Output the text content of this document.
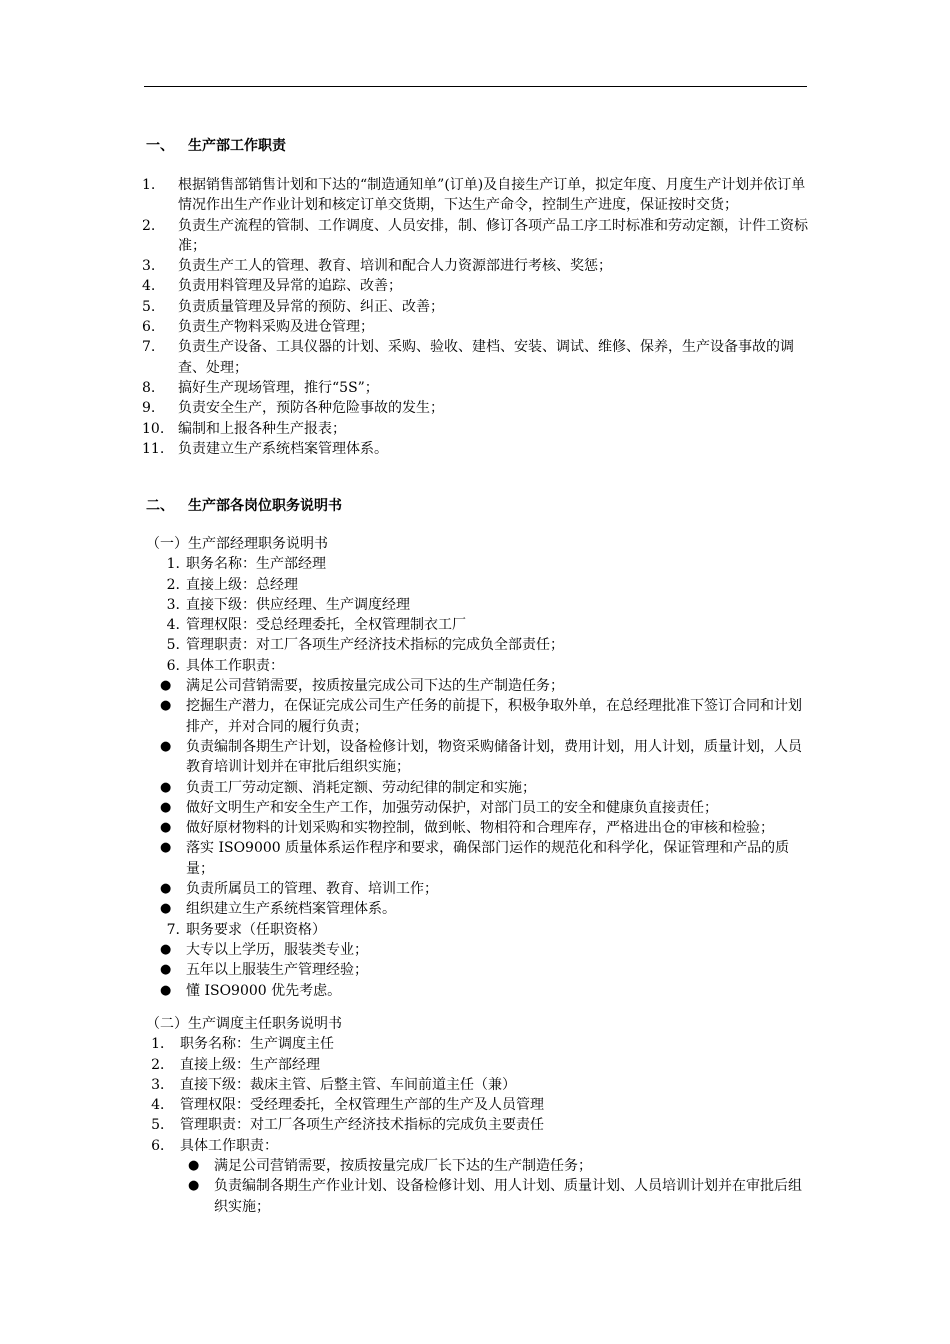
一、 生产部工作职责
1.	根据销售部销售计划和下达的“制造通知单”(订单)及自接生产订单，拟定年度、月度生产计划并依订单情况作出生产作业计划和核定订单交货期，下达生产命令，控制生产进度，保证按时交货；
2.	负责生产流程的管制、工作调度、人员安排，制、修订各项产品工序工时标准和劳动定额，计件工资标准；
3.	负责生产工人的管理、教育、培训和配合人力资源部进行考核、奖惩；
4.	负责用料管理及异常的追踪、改善；
5.	负责质量管理及异常的预防、纠正、改善；
6.	负责生产物料采购及进仓管理；
7.	负责生产设备、工具仪器的计划、采购、验收、建档、安装、调试、维修、保养，生产设备事故的调查、处理；
8.	搞好生产现场管理，推行“5S”；
9.	负责安全生产，预防各种危险事故的发生；
10. 编制和上报各种生产报表；
11. 负责建立生产系统档案管理体系。
二、 生产部各岗位职务说明书
（一）生产部经理职务说明书
1. 职务名称：生产部经理
2. 直接上级：总经理
3. 直接下级：供应经理、生产调度经理
4. 管理权限：受总经理委托，全权管理制衣工厂
5. 管理职责：对工厂各项生产经济技术指标的完成负全部责任；
6. 具体工作职责：
●	满足公司营销需要，按质按量完成公司下达的生产制造任务；
●	挖掘生产潜力，在保证完成公司生产任务的前提下，积极争取外单，在总经理批准下签订合同和计划排产，并对合同的履行负责；
●	负责编制各期生产计划，设备检修计划，物资采购储备计划，费用计划，用人计划，质量计划，人员教育培训计划并在审批后组织实施；
●	负责工厂劳动定额、消耗定额、劳动纪律的制定和实施；
●	做好文明生产和安全生产工作，加强劳动保护，对部门员工的安全和健康负直接责任；
●	做好原材物料的计划采购和实物控制，做到帐、物相符和合理库存，严格进出仓的审核和检验；
●	落实 ISO9000 质量体系运作程序和要求，确保部门运作的规范化和科学化，保证管理和产品的质量；
●	负责所属员工的管理、教育、培训工作；
●	组织建立生产系统档案管理体系。
7. 职务要求（任职资格）
●	大专以上学历，服装类专业；
●	五年以上服装生产管理经验；
●	懂 ISO9000 优先考虑。
（二）生产调度主任职务说明书
1． 职务名称：生产调度主任
2． 直接上级：生产部经理
3． 直接下级：裁床主管、后整主管、车间前道主任（兼）
4． 管理权限：受经理委托，全权管理生产部的生产及人员管理
5． 管理职责：对工厂各项生产经济技术指标的完成负主要责任
6． 具体工作职责：
●	满足公司营销需要，按质按量完成厂长下达的生产制造任务；
●	负责编制各期生产作业计划、设备检修计划、用人计划、质量计划、人员培训计划并在审批后组织实施；
